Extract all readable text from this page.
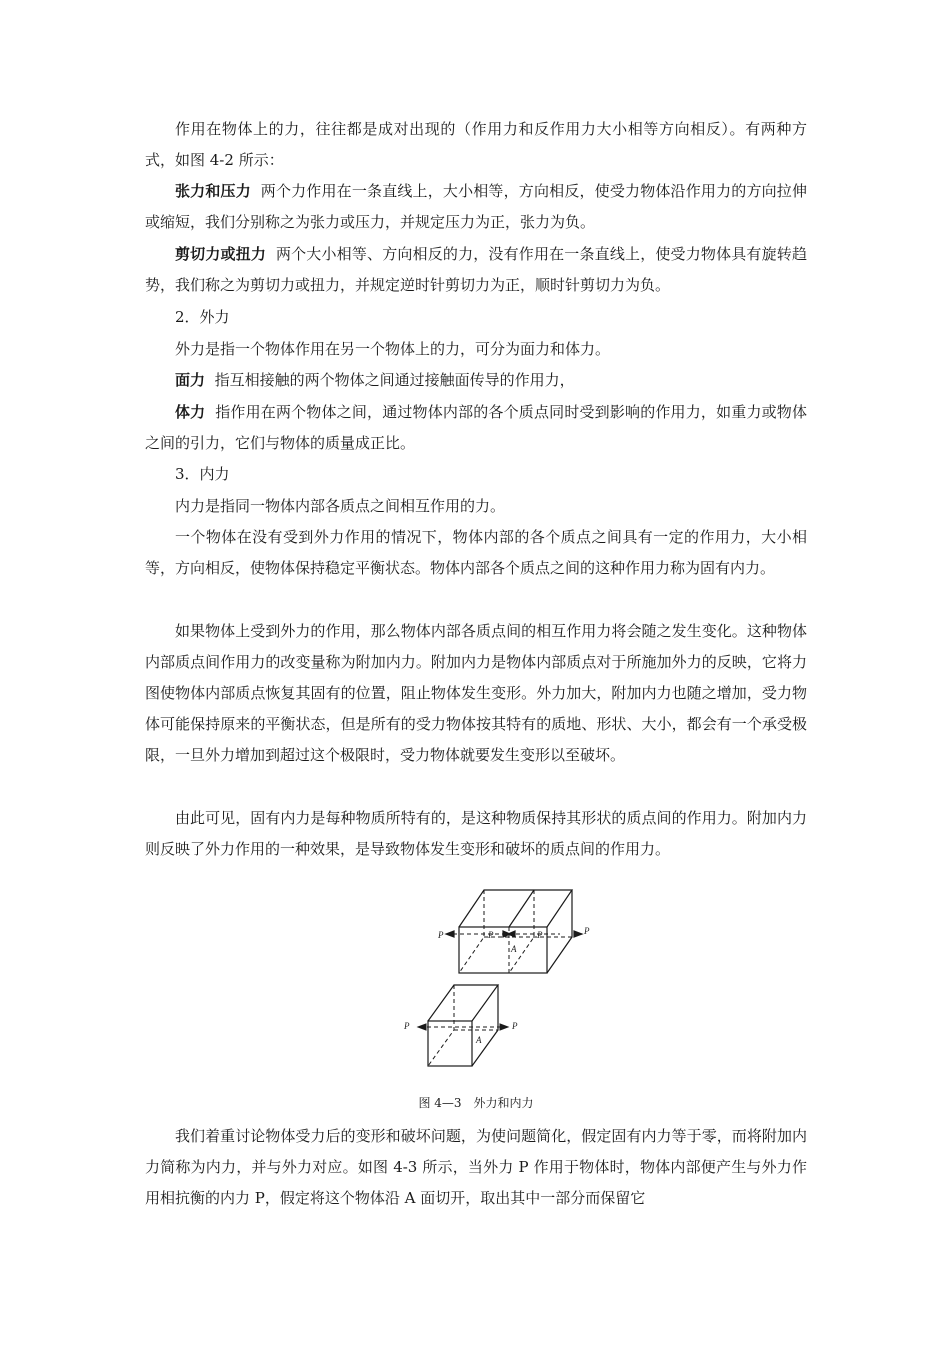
作用在物体上的力，往往都是成对出现的（作用力和反作用力大小相等方向相反）。有两种方式，如图 4-2 所示：

张力和压力 两个力作用在一条直线上，大小相等，方向相反，使受力物体沿作用力的方向拉伸或缩短，我们分别称之为张力或压力，并规定压力为正，张力为负。

剪切力或扭力 两个大小相等、方向相反的力，没有作用在一条直线上，使受力物体具有旋转趋势，我们称之为剪切力或扭力，并规定逆时针剪切力为正，顺时针剪切力为负。

2．外力

外力是指一个物体作用在另一个物体上的力，可分为面力和体力。

面力 指互相接触的两个物体之间通过接触面传导的作用力，

体力 指作用在两个物体之间，通过物体内部的各个质点同时受到影响的作用力，如重力或物体之间的引力，它们与物体的质量成正比。

3．内力

内力是指同一物体内部各质点之间相互作用的力。

一个物体在没有受到外力作用的情况下，物体内部的各个质点之间具有一定的作用力，大小相等，方向相反，使物体保持稳定平衡状态。物体内部各个质点之间的这种作用力称为固有内力。

如果物体上受到外力的作用，那么物体内部各质点间的相互作用力将会随之发生变化。这种物体内部质点间作用力的改变量称为附加内力。附加内力是物体内部质点对于所施加外力的反映，它将力图使物体内部质点恢复其固有的位置，阻止物体发生变形。外力加大，附加内力也随之增加，受力物体可能保持原来的平衡状态，但是所有的受力物体按其特有的质地、形状、大小，都会有一个承受极限，一旦外力增加到超过这个极限时，受力物体就要发生变形以至破坏。

由此可见，固有内力是每种物质所特有的，是这种物质保持其形状的质点间的作用力。附加内力则反映了外力作用的一种效果，是导致物体发生变形和破坏的质点间的作用力。

P	P	P	P
A
P	P
A

图 4—3　外力和内力

我们着重讨论物体受力后的变形和破坏问题，为使问题简化，假定固有内力等于零，而将附加内力简称为内力，并与外力对应。如图 4-3 所示，当外力 P 作用于物体时，物体内部便产生与外力作用相抗衡的内力 P，假定将这个物体沿 A 面切开，取出其中一部分而保留它
